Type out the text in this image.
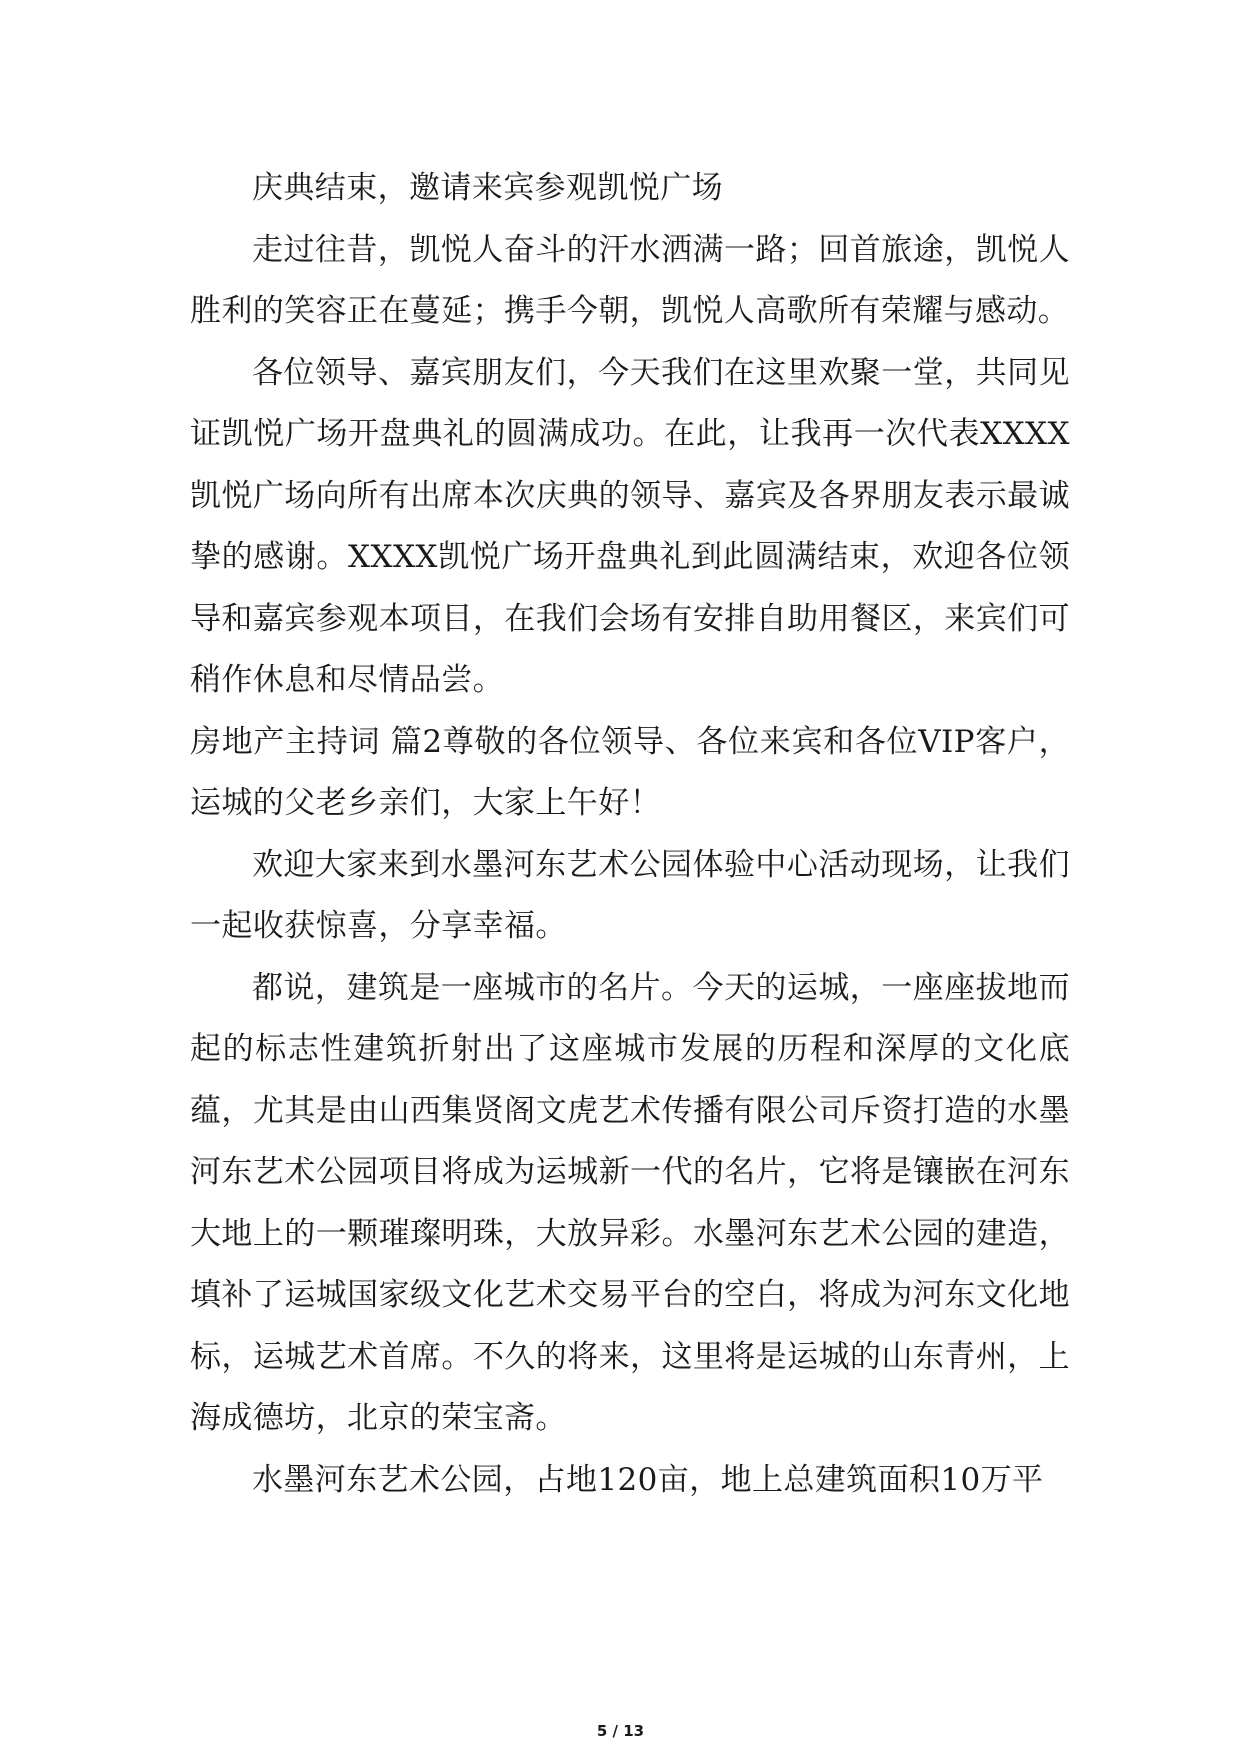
庆典结束，邀请来宾参观凯悦广场

走过往昔，凯悦人奋斗的汗水洒满一路；回首旅途，凯悦人胜利的笑容正在蔓延；携手今朝，凯悦人高歌所有荣耀与感动。

各位领导、嘉宾朋友们，今天我们在这里欢聚一堂，共同见证凯悦广场开盘典礼的圆满成功。在此，让我再一次代表XXXX凯悦广场向所有出席本次庆典的领导、嘉宾及各界朋友表示最诚挚的感谢。XXXX凯悦广场开盘典礼到此圆满结束，欢迎各位领导和嘉宾参观本项目，在我们会场有安排自助用餐区，来宾们可稍作休息和尽情品尝。

房地产主持词 篇2尊敬的各位领导、各位来宾和各位VIP客户，运城的父老乡亲们，大家上午好！

欢迎大家来到水墨河东艺术公园体验中心活动现场，让我们一起收获惊喜，分享幸福。

都说，建筑是一座城市的名片。今天的运城，一座座拔地而起的标志性建筑折射出了这座城市发展的历程和深厚的文化底蕴，尤其是由山西集贤阁文虎艺术传播有限公司斥资打造的水墨河东艺术公园项目将成为运城新一代的名片，它将是镶嵌在河东大地上的一颗璀璨明珠，大放异彩。水墨河东艺术公园的建造，填补了运城国家级文化艺术交易平台的空白，将成为河东文化地标，运城艺术首席。不久的将来，这里将是运城的山东青州，上海成德坊，北京的荣宝斋。

水墨河东艺术公园，占地120亩，地上总建筑面积10万平

5 / 13
